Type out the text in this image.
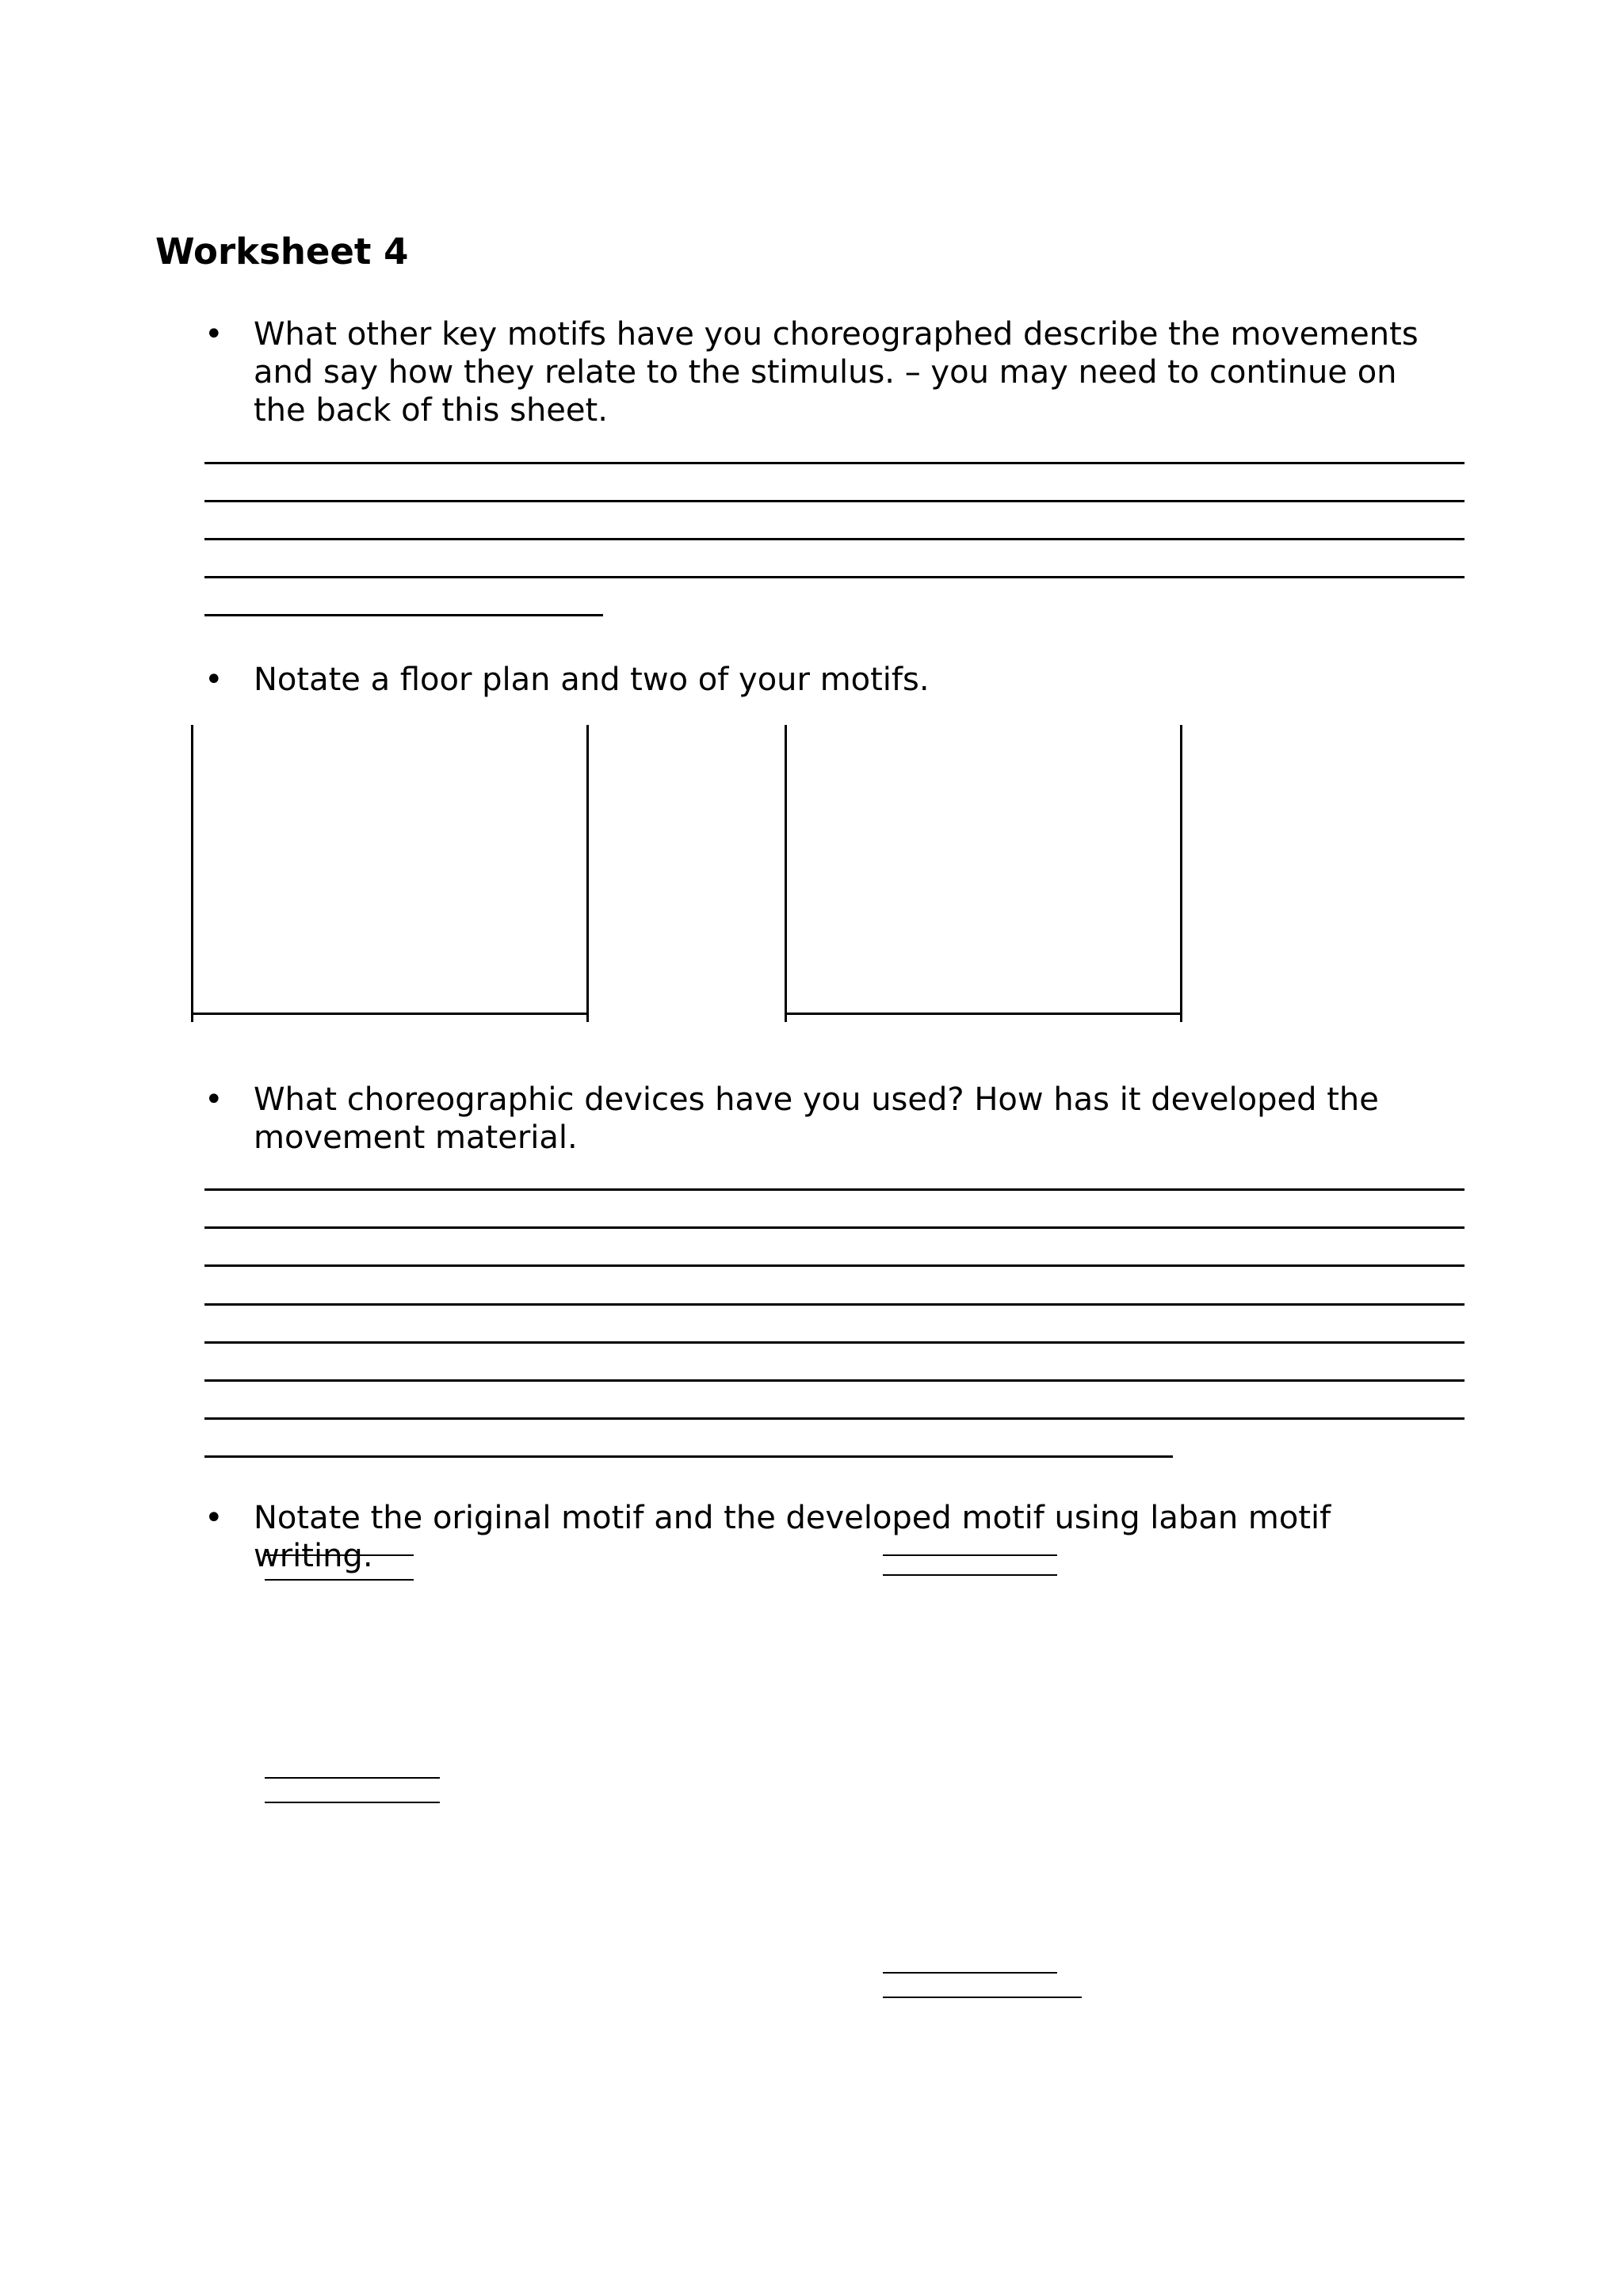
Worksheet 4
• What other key motifs have you choreographed describe the movements and say how they relate to the stimulus. – you may need to continue on the back of this sheet.
• Notate a floor plan and two of your motifs.
• What choreographic devices have you used? How has it developed the movement material.
• Notate the original motif and the developed motif using laban motif writing.
